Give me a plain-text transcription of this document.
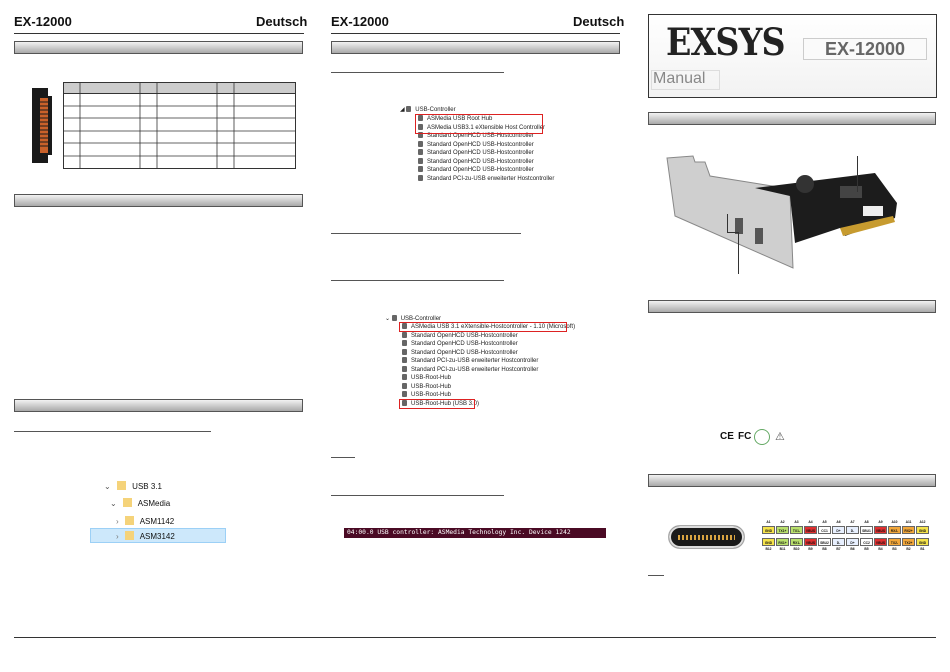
EX-12000	Deutsch
⌄	USB 3.1
⌄	ASMedia
›	ASM1142
›	ASM3142
EX-12000	Deutsch
◢ USB-Controller
ASMedia USB Root Hub
ASMedia USB3.1 eXtensible Host Controller
Standard OpenHCD USB-Hostcontroller
Standard OpenHCD USB-Hostcontroller
Standard OpenHCD USB-Hostcontroller
Standard OpenHCD USB-Hostcontroller
Standard OpenHCD USB-Hostcontroller
Standard PCI-zu-USB erweiterter Hostcontroller
⌄ USB-Controller
ASMedia USB 3.1 eXtensible-Hostcontroller - 1.10 (Microsoft)
Standard OpenHCD USB-Hostcontroller
Standard OpenHCD USB-Hostcontroller
Standard OpenHCD USB-Hostcontroller
Standard PCI-zu-USB erweiterter Hostcontroller
Standard PCI-zu-USB erweiterter Hostcontroller
USB-Root-Hub
USB-Root-Hub
USB-Root-Hub
USB-Root-Hub (USB 3.0)
04:00.0 USB controller: ASMedia Technology Inc. Device 1242
EXSYS	EX-12000
Manual
C​E F​C ⚠
A1	A2	A3	A4	A5	A6	A7	A8	A9	A10	A11	A12
GND	TX1+	TX1-	VBUS	CC1	D+	D-	SBU1	VBUS	RX2-	RX2+	GND
GND	RX1+	RX1-	VBUS	SBU2	D-	D+	CC2	VBUS	TX2-	TX2+	GND
B12	B11	B10	B9	B8	B7	B6	B5	B4	B3	B2	B1
